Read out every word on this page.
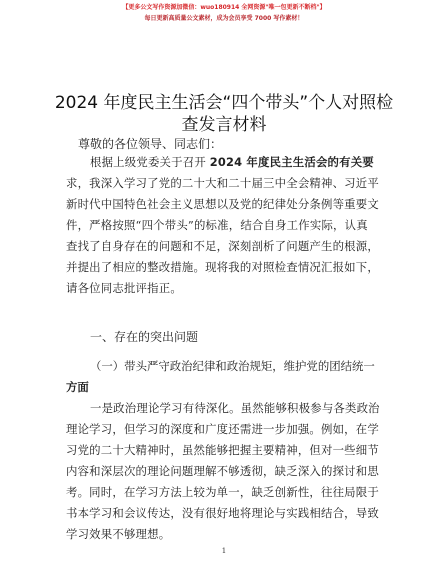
【更多公文写作资源加微信：wuo180914 全网资源"唯一包更新不断档"】
每日更新高质量公文素材，成为会员享受 7000 写作素材！
2024 年度民主生活会“四个带头”个人对照检
查发言材料
尊敬的各位领导、同志们：
根据上级党委关于召开 2024 年度民主生活会的有关要
求，我深入学习了党的二十大和二十届三中全会精神、习近平
新时代中国特色社会主义思想以及党的纪律处分条例等重要文
件，严格按照“四个带头”的标准，结合自身工作实际，认真
查找了自身存在的问题和不足，深刻剖析了问题产生的根源，
并提出了相应的整改措施。现将我的对照检查情况汇报如下，
请各位同志批评指正。
一、存在的突出问题
（一）带头严守政治纪律和政治规矩，维护党的团结统一
方面
一是政治理论学习有待深化。虽然能够积极参与各类政治
理论学习，但学习的深度和广度还需进一步加强。例如，在学
习党的二十大精神时，虽然能够把握主要精神，但对一些细节
内容和深层次的理论问题理解不够透彻，缺乏深入的探讨和思
考。同时，在学习方法上较为单一，缺乏创新性，往往局限于
书本学习和会议传达，没有很好地将理论与实践相结合，导致
学习效果不够理想。
1
